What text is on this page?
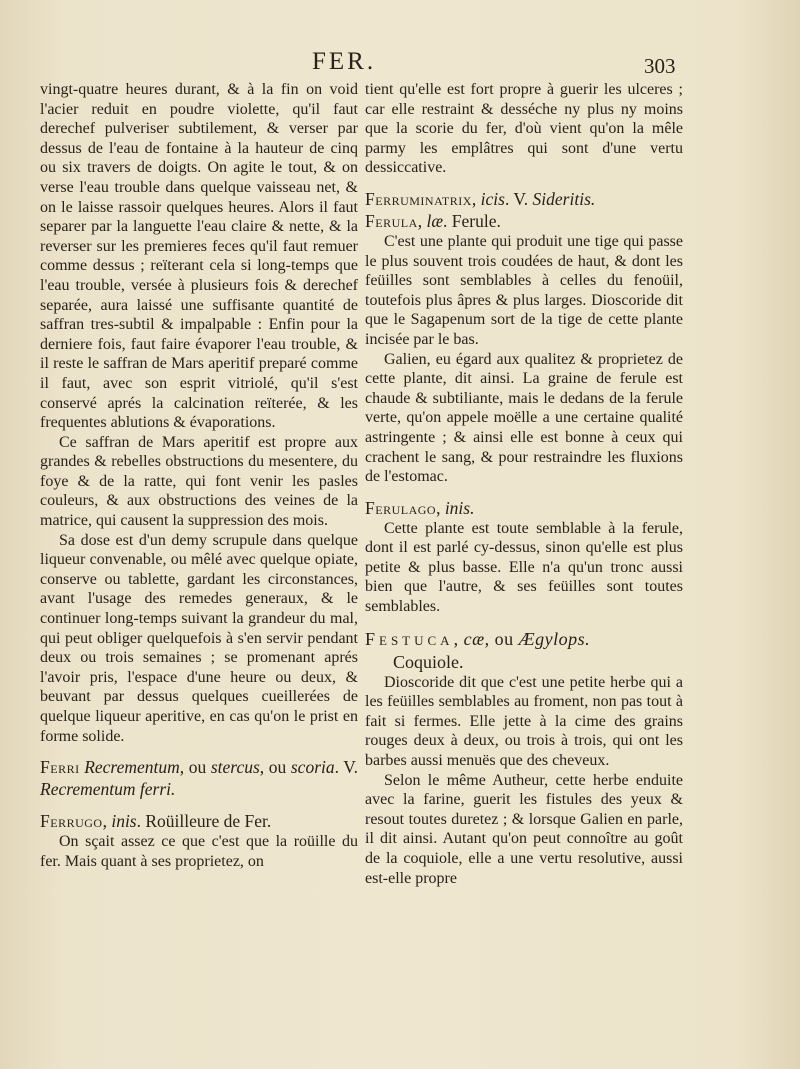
FER.	303

vingt-quatre heures durant, & à la fin on void l'acier reduit en poudre violette, qu'il faut derechef pulveriser subtilement, & verser par dessus de l'eau de fontaine à la hauteur de cinq ou six travers de doigts. On agite le tout, & on verse l'eau trouble dans quelque vaisseau net, & on le laisse rassoir quelques heures. Alors il faut separer par la languette l'eau claire & nette, & la reverser sur les premieres feces qu'il faut remuer comme dessus ; reïterant cela si long-temps que l'eau trouble, versée à plusieurs fois & derechef separée, aura laissé une suffisante quantité de saffran tres-subtil & impalpable : Enfin pour la derniere fois, faut faire évaporer l'eau trouble, & il reste le saffran de Mars aperitif preparé comme il faut, avec son esprit vitriolé, qu'il s'est conservé aprés la calcination reïterée, & les frequentes ablutions & évaporations.

Ce saffran de Mars aperitif est propre aux grandes & rebelles obstructions du mesentere, du foye & de la ratte, qui font venir les pasles couleurs, & aux obstructions des veines de la matrice, qui causent la suppression des mois.

Sa dose est d'un demy scrupule dans quelque liqueur convenable, ou mêlé avec quelque opiate, conserve ou tablette, gardant les circonstances, avant l'usage des remedes generaux, & le continuer long-temps suivant la grandeur du mal, qui peut obliger quelquefois à s'en servir pendant deux ou trois semaines ; se promenant aprés l'avoir pris, l'espace d'une heure ou deux, & beuvant par dessus quelques cueillerées de quelque liqueur aperitive, en cas qu'on le prist en forme solide.

Ferri Recrementum, ou stercus, ou scoria. V. Recrementum ferri.
Ferrugo, inis. Roüilleure de Fer.

On sçait assez ce que c'est que la roüille du fer. Mais quant à ses proprietez, on

tient qu'elle est fort propre à guerir les ulceres ; car elle restraint & desséche ny plus ny moins que la scorie du fer, d'où vient qu'on la mêle parmy les emplâtres qui sont d'une vertu dessiccative.

Ferruminatrix, icis. V. Sideritis.
Ferula, læ. Ferule.

C'est une plante qui produit une tige qui passe le plus souvent trois coudées de haut, & dont les feüilles sont semblables à celles du fenoüil, toutefois plus âpres & plus larges. Dioscoride dit que le Sagapenum sort de la tige de cette plante incisée par le bas.

Galien, eu égard aux qualitez & proprietez de cette plante, dit ainsi. La graine de ferule est chaude & subtiliante, mais le dedans de la ferule verte, qu'on appele moëlle a une certaine qualité astringente ; & ainsi elle est bonne à ceux qui crachent le sang, & pour restraindre les fluxions de l'estomac.

Ferulago, inis.

Cette plante est toute semblable à la ferule, dont il est parlé cy-dessus, sinon qu'elle est plus petite & plus basse. Elle n'a qu'un tronc aussi bien que l'autre, & ses feüilles sont toutes semblables.

Festuca, cæ, ou Ægylops.
Coquiole.

Dioscoride dit que c'est une petite herbe qui a les feüilles semblables au froment, non pas tout à fait si fermes. Elle jette à la cime des grains rouges deux à deux, ou trois à trois, qui ont les barbes aussi menuës que des cheveux.

Selon le même Autheur, cette herbe enduite avec la farine, guerit les fistules des yeux & resout toutes duretez ; & lorsque Galien en parle, il dit ainsi. Autant qu'on peut connoître au goût de la coquiole, elle a une vertu resolutive, aussi est-elle propre
